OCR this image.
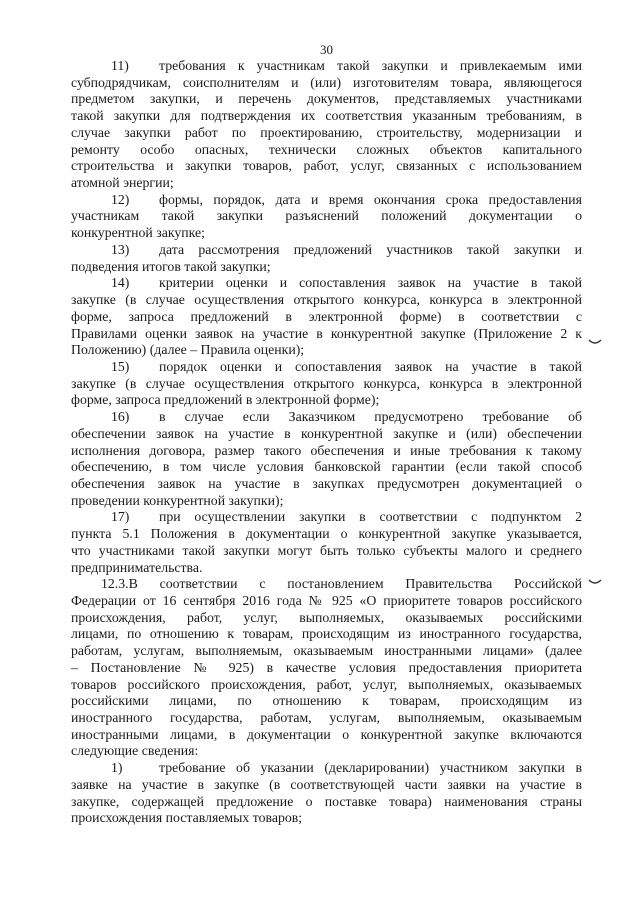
30
11)	требования к участникам такой закупки и привлекаемым ими
субподрядчикам, соисполнителям и (или) изготовителям товара, являющегося
предметом закупки, и перечень документов, представляемых участниками
такой закупки для подтверждения их соответствия указанным требованиям, в
случае закупки работ по проектированию, строительству, модернизации и
ремонту особо опасных, технически сложных объектов капитального
строительства и закупки товаров, работ, услуг, связанных с использованием
атомной энергии;
12)	формы, порядок, дата и время окончания срока предоставления
участникам такой закупки разъяснений положений документации о
конкурентной закупке;
13)	дата рассмотрения предложений участников такой закупки и
подведения итогов такой закупки;
14)	критерии оценки и сопоставления заявок на участие в такой
закупке (в случае осуществления открытого конкурса, конкурса в электронной
форме, запроса предложений в электронной форме) в соответствии с
Правилами оценки заявок на участие в конкурентной закупке (Приложение 2 к
Положению) (далее – Правила оценки);
15)	порядок оценки и сопоставления заявок на участие в такой
закупке (в случае осуществления открытого конкурса, конкурса в электронной
форме, запроса предложений в электронной форме);
16)	в случае если Заказчиком предусмотрено требование об
обеспечении заявок на участие в конкурентной закупке и (или) обеспечении
исполнения договора, размер такого обеспечения и иные требования к такому
обеспечению, в том числе условия банковской гарантии (если такой способ
обеспечения заявок на участие в закупках предусмотрен документацией о
проведении конкурентной закупки);
17)	при осуществлении закупки в соответствии с подпунктом 2
пункта 5.1 Положения в документации о конкурентной закупке указывается,
что участниками такой закупки могут быть только субъекты малого и среднего
предпринимательства.
12.3.В соответствии с постановлением Правительства Российской
Федерации от 16 сентября 2016 года № 925 «О приоритете товаров российского
происхождения, работ, услуг, выполняемых, оказываемых российскими
лицами, по отношению к товарам, происходящим из иностранного государства,
работам, услугам, выполняемым, оказываемым иностранными лицами» (далее
– Постановление № 925) в качестве условия предоставления приоритета
товаров российского происхождения, работ, услуг, выполняемых, оказываемых
российскими лицами, по отношению к товарам, происходящим из
иностранного государства, работам, услугам, выполняемым, оказываемым
иностранными лицами, в документации о конкурентной закупке включаются
следующие сведения:
1)	требование об указании (декларировании) участником закупки в
заявке на участие в закупке (в соответствующей части заявки на участие в
закупке, содержащей предложение о поставке товара) наименования страны
происхождения поставляемых товаров;
